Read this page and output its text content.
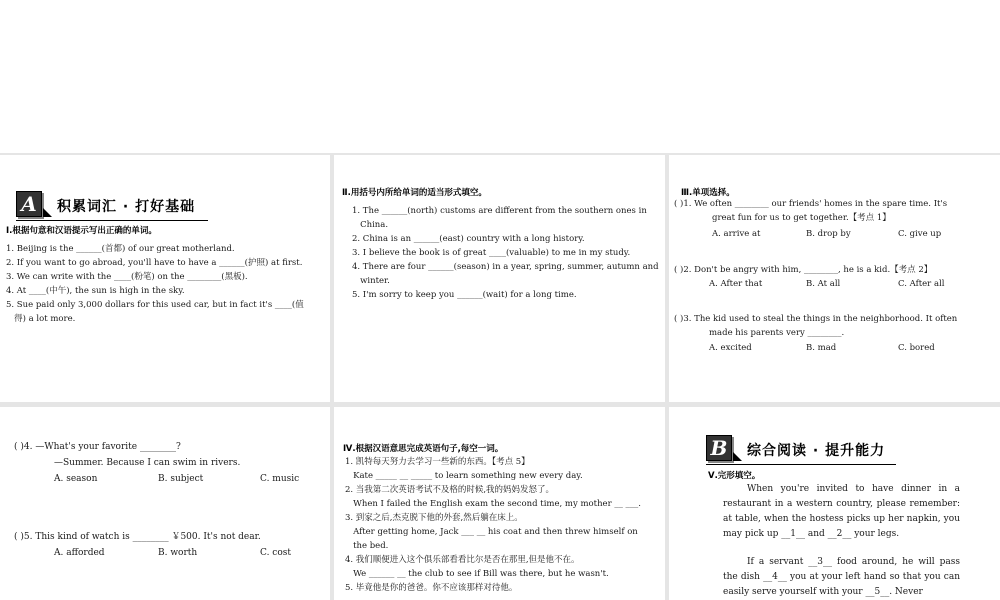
A	积累词汇 · 打好基础
Ⅰ.根据句意和汉语提示写出正确的单词。
1. Beijing is the ______(首都) of our great motherland.
2. If you want to go abroad, you'll have to have a ______(护照) at first.
3. We can write with the ____(粉笔) on the ________(黑板).
4. At ____(中午), the sun is high in the sky.
5. Sue paid only 3,000 dollars for this used car, but in fact it's ____(值
得) a lot more.
Ⅱ.用括号内所给单词的适当形式填空。
1. The ______(north) customs are different from the southern ones in
China.
2. China is an ______(east) country with a long history.
3. I believe the book is of great ____(valuable) to me in my study.
4. There are four ______(season) in a year, spring, summer, autumn and
winter.
5. I'm sorry to keep you ______(wait) for a long time.
Ⅲ.单项选择。
( )1. We often ________ our friends' homes in the spare time. It's
great fun for us to get together.【考点 1】
A. arrive at	B. drop by	C. give up
( )2. Don't be angry with him, ________, he is a kid.【考点 2】
A. After that	B. At all	C. After all
( )3. The kid used to steal the things in the neighborhood. It often
made his parents very ________.
A. excited	B. mad	C. bored
( )4. —What's your favorite ________?
—Summer. Because I can swim in rivers.
A. season	B. subject	C. music
( )5. This kind of watch is ________ ￥500. It's not dear.
A. afforded	B. worth	C. cost
Ⅳ.根据汉语意思完成英语句子,每空一词。
1. 凯特每天努力去学习一些新的东西。【考点 5】
Kate _____ __ _____ to learn something new every day.
2. 当我第二次英语考试不及格的时候,我的妈妈发怒了。
When I failed the English exam the second time, my mother __ ___.
3. 到家之后,杰克脱下他的外套,然后躺在床上。
After getting home, Jack ___ __ his coat and then threw himself on
the bed.
4. 我们顺便进入这个俱乐部看看比尔是否在那里,但是他不在。
We ______ __ the club to see if Bill was there, but he wasn't.
5. 毕竟他是你的爸爸。你不应该那样对待他。
B	综合阅读 · 提升能力
Ⅴ.完形填空。
When you're invited to have dinner in a restaurant in a western country, please remember: at table, when the hostess picks up her napkin, you may pick up __1__ and __2__ your legs.
If a servant __3__ food around, he will pass the dish __4__ you at your left hand so that you can easily serve yourself with your __5__. Never
